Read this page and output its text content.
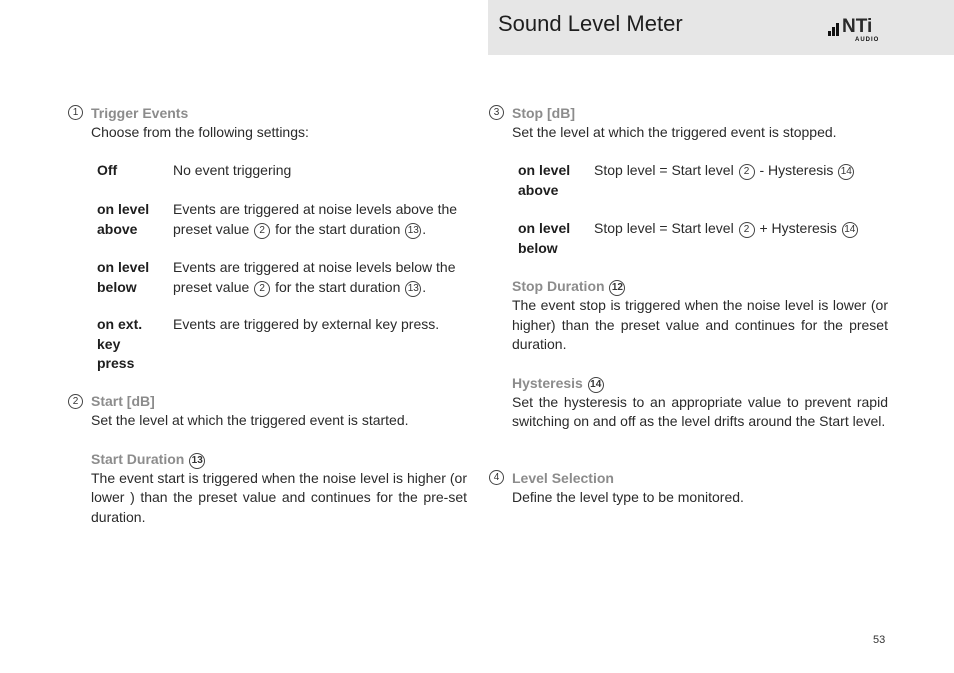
Sound Level Meter	NTi
AUDIO
1 Trigger Events
Choose from the following settings:
Off	No event triggering
on level above
Events are triggered at noise levels above the preset value 2 for the start duration 13 .
on level below
Events are triggered at noise levels below the preset value 2 for the start duration 13 .
on ext. key press
Events are triggered by external key press.
2 Start [dB]
Set the level at which the triggered event is started.
Start Duration 13
The event start is triggered when the noise level is higher (or lower ) than the preset value and continues for the pre-set duration.
3 Stop [dB]
Set the level at which the triggered event is stopped.
on level above
Stop level = Start level 2 - Hysteresis 14
on level below
Stop level = Start level 2 + Hysteresis 14
Stop Duration 12
The event stop is triggered when the noise level is lower (or higher) than the preset value and continues for the preset duration.
Hysteresis 14
Set the hysteresis to an appropriate value to prevent rapid switching on and off as the level drifts around the Start level.
4 Level Selection
Define the level type to be monitored.
53
